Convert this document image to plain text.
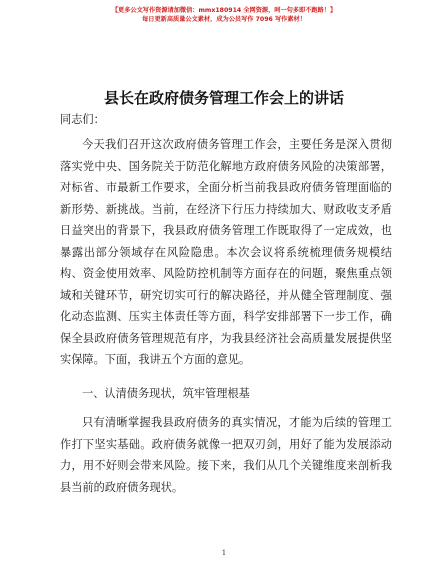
【更多公文写作资源请加微信：mmx180914 全网资源，呵一句多即不跑路！】
每日更新高质量公文素材，成为公员写作 7096 写作素材！
县长在政府债务管理工作会上的讲话
同志们：
今天我们召开这次政府债务管理工作会，主要任务是深入贯彻落实党中央、国务院关于防范化解地方政府债务风险的决策部署，对标省、市最新工作要求，全面分析当前我县政府债务管理面临的新形势、新挑战。当前，在经济下行压力持续加大、财政收支矛盾日益突出的背景下，我县政府债务管理工作既取得了一定成效，也暴露出部分领域存在风险隐患。本次会议将系统梳理债务规模结构、资金使用效率、风险防控机制等方面存在的问题，聚焦重点领域和关键环节，研究切实可行的解决路径，并从健全管理制度、强化动态监测、压实主体责任等方面，科学安排部署下一步工作，确保全县政府债务管理规范有序，为我县经济社会高质量发展提供坚实保障。下面，我讲五个方面的意见。
一、认清债务现状，筑牢管理根基
只有清晰掌握我县政府债务的真实情况，才能为后续的管理工作打下坚实基础。政府债务就像一把双刃剑，用好了能为发展添动力，用不好则会带来风险。接下来，我们从几个关键维度来剖析我县当前的政府债务现状。
1
